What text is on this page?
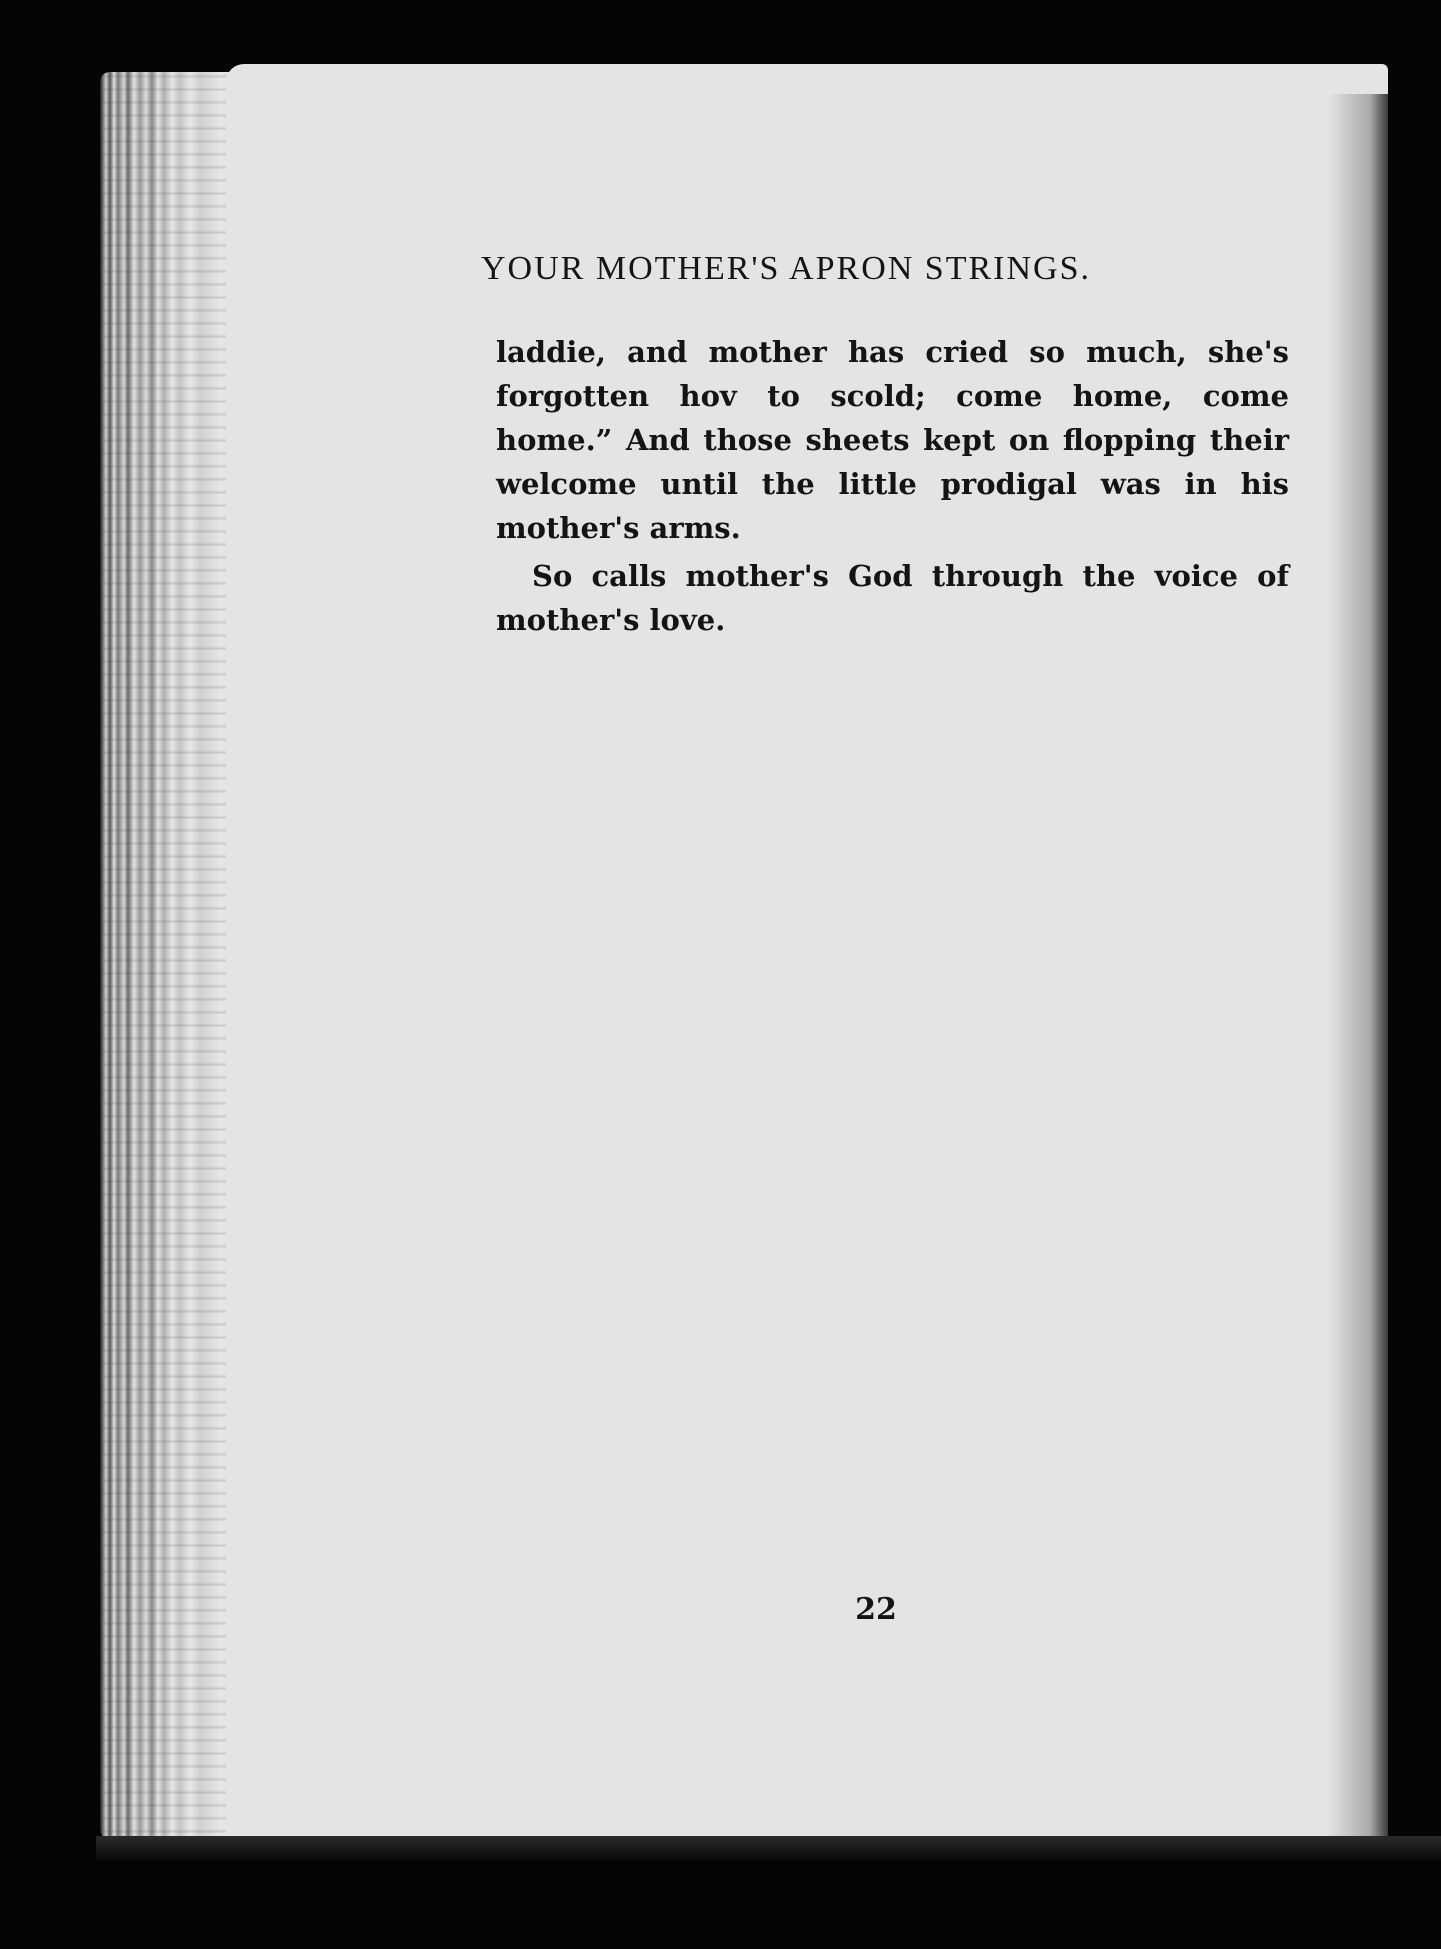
YOUR MOTHER'S APRON STRINGS.

laddie, and mother has cried so much, she's forgotten hov to scold; come home, come home.” And those sheets kept on flopping their welcome until the little prodigal was in his mother's arms.

So calls mother's God through the voice of mother's love.

22
